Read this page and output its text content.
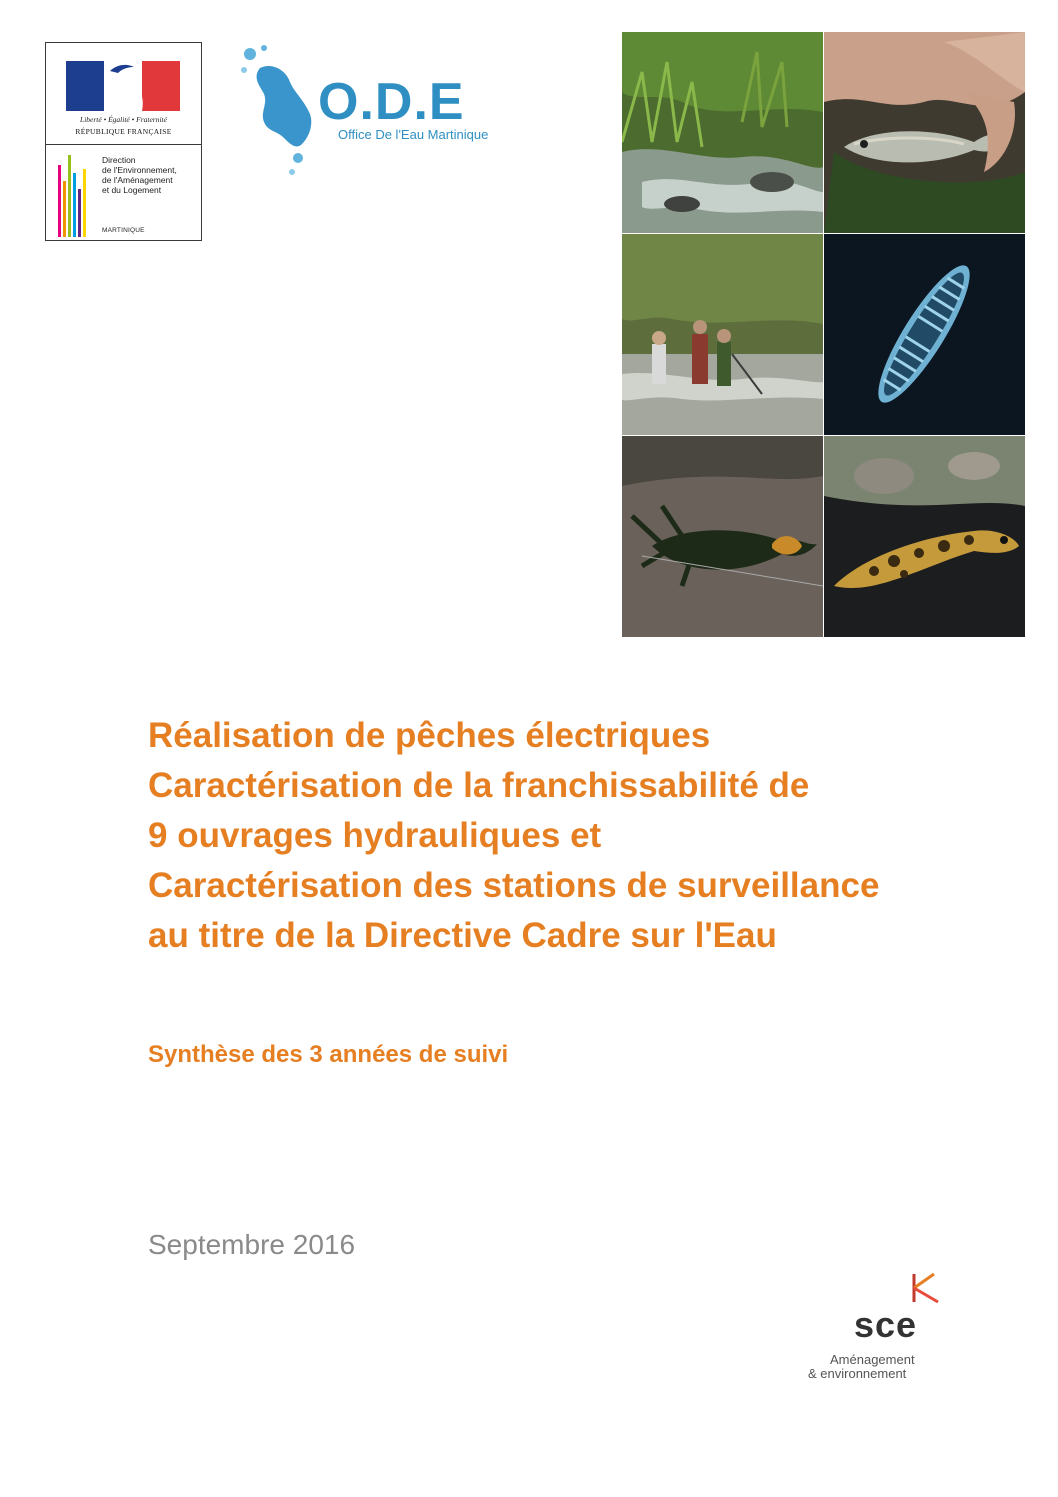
Liberté • Égalité • Fraternité
RÉPUBLIQUE FRANÇAISE
Direction
de l'Environnement,
de l'Aménagement
et du Logement
MARTINIQUE
O.D.E
Office De l'Eau Martinique
Réalisation de pêches électriques
Caractérisation de la franchissabilité de
9 ouvrages hydrauliques et
Caractérisation des stations de surveillance
au titre de la Directive Cadre sur l'Eau
Synthèse des 3 années de suivi
Septembre 2016
sce
Aménagement
& environnement
